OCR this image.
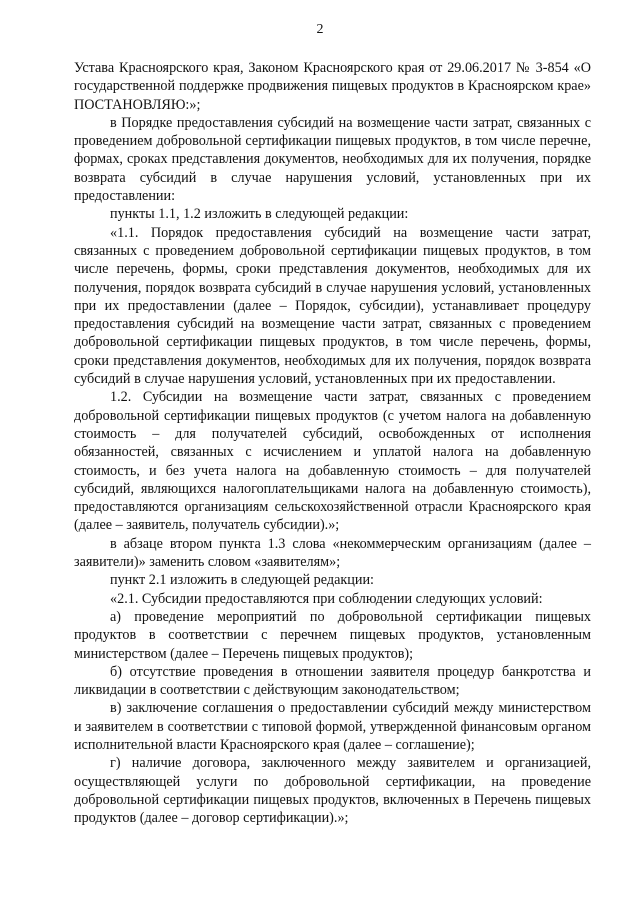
2

Устава Красноярского края, Законом Красноярского края от 29.06.2017 № 3-854 «О государственной поддержке продвижения пищевых продуктов в Красноярском крае» ПОСТАНОВЛЯЮ:»;

в Порядке предоставления субсидий на возмещение части затрат, связанных с проведением добровольной сертификации пищевых продуктов, в том числе перечне, формах, сроках представления документов, необходимых для их получения, порядке возврата субсидий в случае нарушения условий, установленных при их предоставлении:

пункты 1.1, 1.2 изложить в следующей редакции:

«1.1. Порядок предоставления субсидий на возмещение части затрат, связанных с проведением добровольной сертификации пищевых продуктов, в том числе перечень, формы, сроки представления документов, необходимых для их получения, порядок возврата субсидий в случае нарушения условий, установленных при их предоставлении (далее – Порядок, субсидии), устанавливает процедуру предоставления субсидий на возмещение части затрат, связанных с проведением добровольной сертификации пищевых продуктов, в том числе перечень, формы, сроки представления документов, необходимых для их получения, порядок возврата субсидий в случае нарушения условий, установленных при их предоставлении.

1.2. Субсидии на возмещение части затрат, связанных с проведением добровольной сертификации пищевых продуктов (с учетом налога на добавленную стоимость – для получателей субсидий, освобожденных от исполнения обязанностей, связанных с исчислением и уплатой налога на добавленную стоимость, и без учета налога на добавленную стоимость – для получателей субсидий, являющихся налогоплательщиками налога на добавленную стоимость), предоставляются организациям сельскохозяйственной отрасли Красноярского края (далее – заявитель, получатель субсидии).»;

в абзаце втором пункта 1.3 слова «некоммерческим организациям (далее – заявители)» заменить словом «заявителям»;

пункт 2.1 изложить в следующей редакции:

«2.1. Субсидии предоставляются при соблюдении следующих условий:

а) проведение мероприятий по добровольной сертификации пищевых продуктов в соответствии с перечнем пищевых продуктов, установленным министерством (далее – Перечень пищевых продуктов);

б) отсутствие проведения в отношении заявителя процедур банкротства и ликвидации в соответствии с действующим законодательством;

в) заключение соглашения о предоставлении субсидий между министерством и заявителем в соответствии с типовой формой, утвержденной финансовым органом исполнительной власти Красноярского края (далее – соглашение);

г) наличие договора, заключенного между заявителем и организацией, осуществляющей услуги по добровольной сертификации, на проведение добровольной сертификации пищевых продуктов, включенных в Перечень пищевых продуктов (далее – договор сертификации).»;
